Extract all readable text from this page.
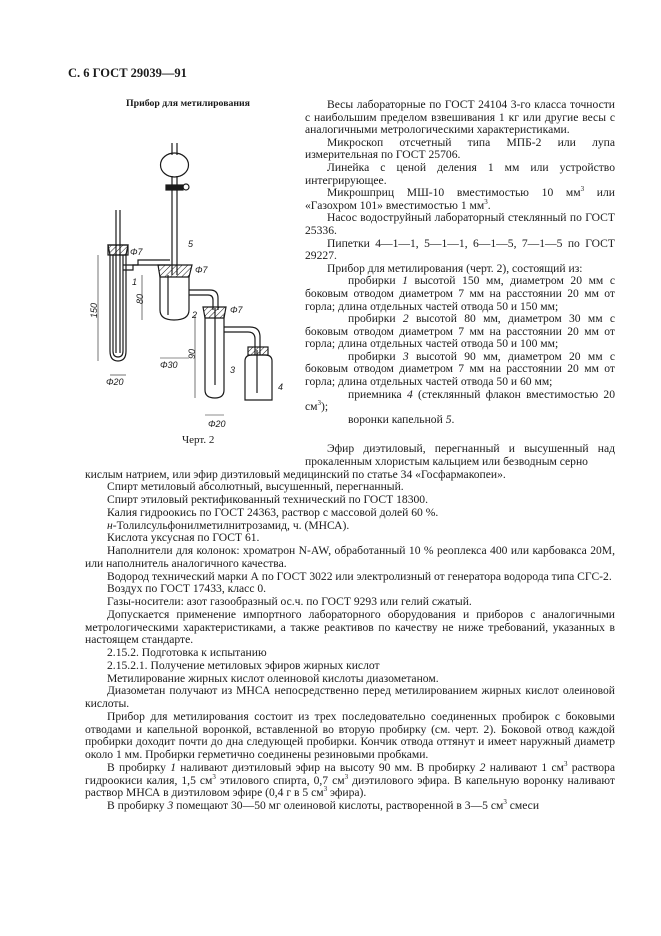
С. 6 ГОСТ 29039—91
Прибор для метилирования
Φ7
Φ7
Φ7
150
80
90
Φ20
Φ30
Φ20
1
2
3
4
5
Черт. 2

Весы лабораторные по ГОСТ 24104 3-го класса точности с наибольшим пределом взвешивания 1 кг или другие весы с аналогичными метрологическими характеристиками.

Микроскоп отсчетный типа МПБ-2 или лупа измерительная по ГОСТ 25706.

Линейка с ценой деления 1 мм или устройство интегрирующее.

Микрошприц МШ-10 вместимостью 10 $мм^3$ или «Газохром 101» вместимостью 1 $мм^3$.

Насос водоструйный лабораторный стеклянный по ГОСТ 25336.

Пипетки 4—1—1, 5—1—1, 6—1—5, 7—1—5 по ГОСТ 29227.

Прибор для метилирования (черт. 2), состоящий из:

пробирки 1 высотой 150 мм, диаметром 20 мм с боковым отводом диаметром 7 мм на расстоянии 20 мм от горла; длина отдельных частей отвода 50 и 150 мм;

пробирки 2 высотой 80 мм, диаметром 30 мм с боковым отводом диаметром 7 мм на расстоянии 20 мм от горла; длина отдельных частей отвода 50 и 100 мм;

пробирки 3 высотой 90 мм, диаметром 20 мм с боковым отводом диаметром 7 мм на расстоянии 20 мм от горла; длина отдельных частей отвода 50 и 60 мм;

приемника 4 (стеклянный флакон вместимостью 20 $см^3$);

воронки капельной 5.

Эфир диэтиловый, перегнанный и высушенный над прокаленным хлористым кальцием или безводным серно
кислым натрием, или эфир диэтиловый медицинский по статье 34 «Госфармакопеи».

Спирт метиловый абсолютный, высушенный, перегнанный.

Спирт этиловый ректификованный технический по ГОСТ 18300.

Калия гидроокись по ГОСТ 24363, раствор с массовой долей 60 %.

н-Толилсульфонилметилнитрозамид, ч. (МНСА).

Кислота уксусная по ГОСТ 61.

Наполнители для колонок: хроматрон N-AW, обработанный 10 % реоплекса 400 или карбовакса 20М, или наполнитель аналогичного качества.

Водород технический марки А по ГОСТ 3022 или электролизный от генератора водорода типа СГС-2.

Воздух по ГОСТ 17433, класс 0.

Газы-носители: азот газообразный ос.ч. по ГОСТ 9293 или гелий сжатый.

Допускается применение импортного лабораторного оборудования и приборов с аналогичными метрологическими характеристиками, а также реактивов по качеству не ниже требований, указанных в настоящем стандарте.

2.15.2. Подготовка к испытанию

2.15.2.1. Получение метиловых эфиров жирных кислот

Метилирование жирных кислот олеиновой кислоты диазометаном.

Диазометан получают из МНСА непосредственно перед метилированием жирных кислот олеиновой кислоты.

Прибор для метилирования состоит из трех последовательно соединенных пробирок с боковыми отводами и капельной воронкой, вставленной во вторую пробирку (см. черт. 2). Боковой отвод каждой пробирки доходит почти до дна следующей пробирки. Кончик отвода оттянут и имеет наружный диаметр около 1 мм. Пробирки герметично соединены резиновыми пробками.

В пробирку 1 наливают диэтиловый эфир на высоту 90 мм. В пробирку 2 наливают 1 $см^3$ раствора гидроокиси калия, 1,5 $см^3$ этилового спирта, 0,7 $см^3$ диэтилового эфира. В капельную воронку наливают раствор МНСА в диэтиловом эфире (0,4 г в 5 $см^3$ эфира).

В пробирку 3 помещают 30—50 мг олеиновой кислоты, растворенной в 3—5 $см^3$ смеси
